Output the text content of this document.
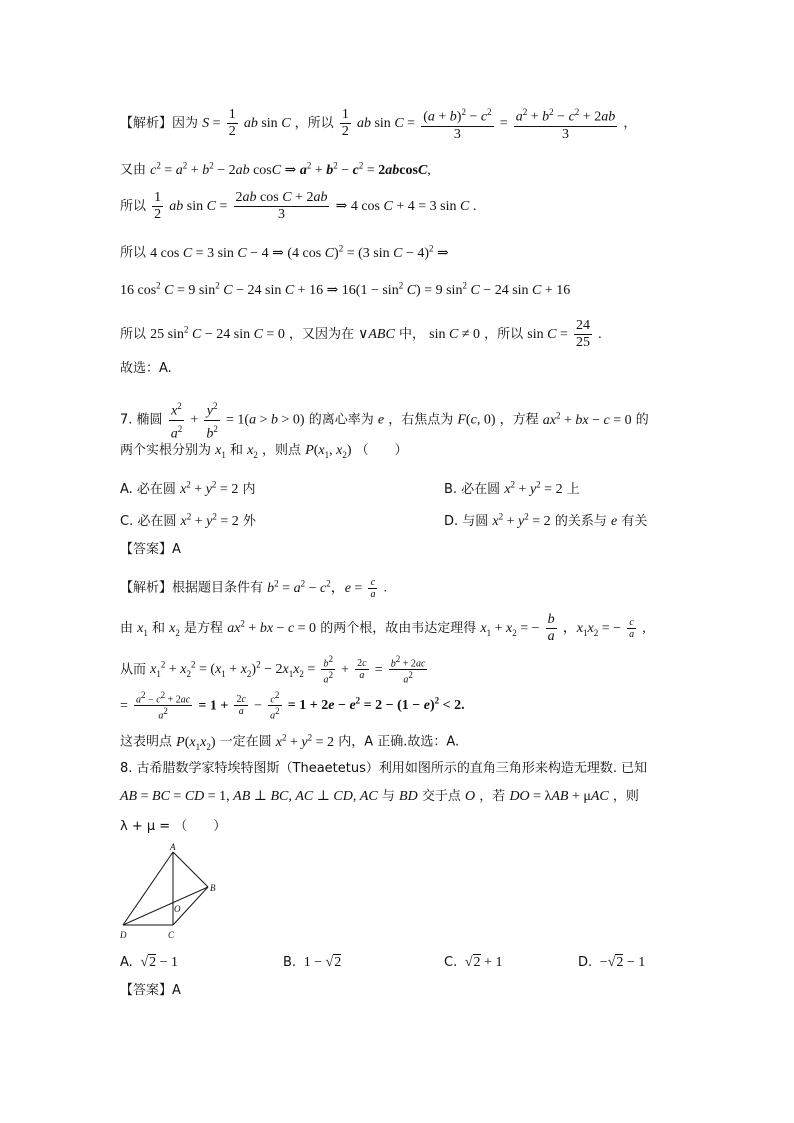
【解析】因为 $S = \frac{1}{2}$ ab sin C ，所以 $\frac{1}{2}$ ab $\sin C = \frac{(a + b)^2 - c^2}{3} = \frac{a^2 + b^2 - c^2 + 2ab}{3}$ ，
又由 $c^2 = a^2 + b^2 - 2ab$ cosC ⇒ $a^2 + b^2 - c^2 = 2abcosC$,
所以 $\frac{1}{2}$ ab $\sin C = \frac{\text{2ab cos C + 2ab}}{3}$ ⇒ 4 cos C + 4 = 3 sin C .
所以 4 cos C = 3 sin C − 4 ⇒ (4 cos C)$^2$ = (3 sin C − 4)$^2$ ⇒
16 $\cos^2 C = 9$ $\sin^2 C - 24$ sin C + 16 ⇒ $16(1 - \sin^2 C) = 9$ $\sin^2 C - 24$ sin C + 16
所以 25 $\sin^2 C - 24$ sin C = 0 ，又因为在 ∨ABC 中， sin C ≠ 0 ，所以 $\sin C = \frac{24}{25}$ .
故选：A.
7. 椭圆 $\frac{x^2}{a^2} + \frac{y^2}{b^2} = 1(a > b > 0)$ 的离心率为 e ，右焦点为 F(c, 0) ，方程 $ax^2$ + bx − c = 0 的
两个实根分别为 $x_1$ 和 $x_2$ ，则点 $P(x_1$, $x_2$) （　　）
A. 必在圆 $x^2 + y^2 = 2$ 内	B. 必在圆 $x^2 + y^2 = 2$ 上
C. 必在圆 $x^2 + y^2 = 2$ 外	D. 与圆 $x^2 + y^2 = 2$ 的关系与 e 有关
【答案】A
【解析】根据题目条件有 $b^2 = a^2 - c^2$，$e = \frac{c}{a}$ .
由 $x_1$ 和 $x_2$ 是方程 $ax^2$ + bx − c = 0 的两个根，故由韦达定理得 $x_1 + x_2$ = − $\frac{b}{a}$ ，$x_1x_2$ = − $\frac{c}{a}$ ,
从而 $x_1^2 + x_2^2 = (x_1 + x_2)^2 - 2x_1x_2 = \frac{b^2}{a^2} + \frac{2c}{a} = \frac{b^2 + 2ac}{a^2}$
= $\frac{a^2 - c^2 + 2ac}{a^2} = 1 + \frac{2c}{a} - \frac{c^2}{a^2} = 1 + 2e - e^2 = 2 - (1 - e)^2 < 2$.
这表明点 $P(x_1x_2)$ 一定在圆 $x^2 + y^2 = 2$ 内，A 正确.故选：A.
8. 古希腊数学家特埃特图斯（Theaetetus）利用如图所示的直角三角形来构造无理数. 已知
AB = BC = CD = 1, AB ⊥ BC, AC ⊥ CD, AC 与 BD 交于点 O ，若 DO = λAB + μAC ，则
λ + μ = （　　）
A
B
C
D
O
A.  √2 − 1	B.  1 − √2	C.  √2 + 1	D.  −√2 − 1
【答案】A
